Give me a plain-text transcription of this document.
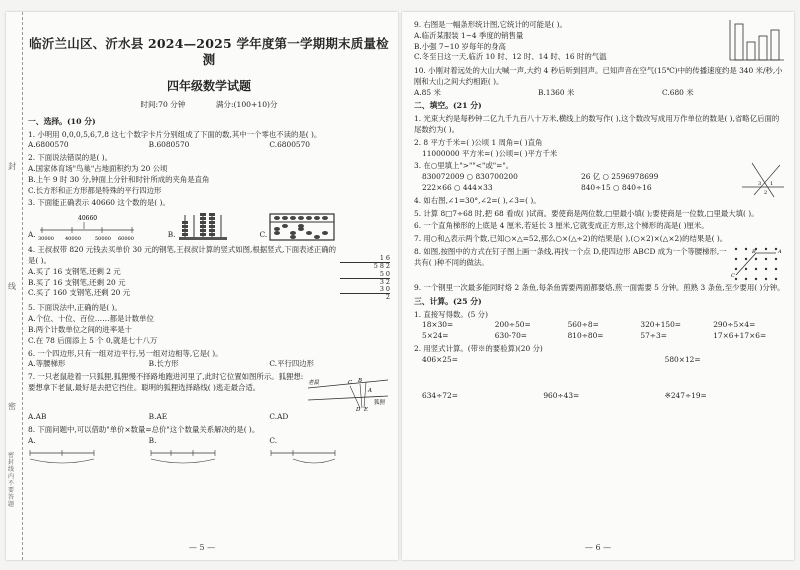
封
线
密
密封线内不要答题
临沂兰山区、沂水县 2024—2025 学年度第一学期期末质量检测
四年级数学试题
时间:70 分钟	满分:(100+10)分
一、选择。(10 分)
1. 小明用 0,0,0,5,6,7,8 这七个数字卡片分别组成了下面的数,其中一个零也不读的是( )。
A.6800570	B.6080570	C.6800570
2. 下面说法错误的是( )。
A.国家体育场"鸟巢"占地面积约为 20 公顷
B.上午 9 时 30 分,钟面上分针和时针所成的夹角是直角
C.长方形和正方形都是特殊的平行四边形
3. 下面能正确表示 40660 这个数的是( )。
A.
40660
30000 40000	50000 60000	B.	C.
4. 王叔叔带 820 元钱去买单价 30 元的钢笔,王叔叔计算的竖式如图,根据竖式,下面表述正确的是( )。
A.买了 16 支钢笔,还剩 2 元
B.买了 16 支钢笔,还剩 20 元
C.买了 160 支钢笔,还剩 20 元
1 6
5 8 2
5 0
3 2
3 0
2
5. 下面说法中,正确的是( )。
A.个位、十位、百位……都是计数单位
B.两个计数单位之间的进率是十
C.在 78 后面添上 5 个 0,就是七十八万
6. 一个四边形,只有一组对边平行,另一组对边相等,它是( )。
A.等腰梯形	B.长方形	C.平行四边形
7. 一只老鼠趁着一只狐狸,狐狸慢不择路地跑进河里了,此时它位置如图所示。狐狸想:要想拿下老鼠,最好是去把它挡住。聪明的狐狸选择路线( )逃走最合适。	老鼠	C B
A
D E
狐狸
A.AB	B.AE	C.AD
8. 下面问题中,可以借助"单价×数量=总价"这个数量关系解决的是( )。
A.	B.	C.
— 5 —
9. 右图是一幅条形统计图,它统计的可能是( )。
A.临沂某服装 1~4 季度的销售量
B.小强 7~10 岁每年的身高
C.冬至日这一天,临沂 10 时、12 时、14 时、16 时的气温
10. 小刚对着远处的大山大喊一声,大约 4 秒后听到回声。已知声音在空气(15℃)中的传播速度约是 340 米/秒,小刚和大山之间大约相距( )。
A.85 米	B.1360 米	C.680 米
二、填空。(21 分)
1. 光束大约是每秒钟二亿九千九百八十万米,横线上的数写作( ),这个数改写成用万作单位的数是( ),省略亿后面的尾数约为( )。
2. 8 平方千米=( )公顷 1 周角=( )直角
11000000 平方米=( )公顷=( )平方千米
3. 在○里填上">""<"或"="。
830072009 ○ 830700200	26 亿 ○ 2596978699
222×66 ○ 444×33	840÷15 ○ 840÷16
4. 如右图,∠1=30°,∠2=( ),∠3=( )。
1
2
3
5. 计算 8□7÷68 时,把 68 看成( )试商。要使商是两位数,□里最小填( );要使商是一位数,□里最大填( )。
6. 一个直角梯形的上底是 4 厘米,若延长 3 厘米,它就变成正方形,这个梯形的高是( )厘米。
7. 用○和△表示两个数,已知○×△=52,那么○×(△÷2)的结果是( ),(○×2)×(△×2)的结果是( )。
8. 如图,按图中的方式在钉子图上画一条线,再找一个点 D,使四边形 ABCD 成为一个等腰梯形,一共有( )种不同的做法。
B	A
C
9. 一个钢里一次最多能同时烙 2 条鱼,每条鱼需要两面都要烙,煎一面需要 5 分钟。煎熟 3 条鱼,至少要用( )分钟。
三、计算。(25 分)
1. 直接写得数。(5 分)
18×30=	200÷50=	560÷8=	320+150=	290÷5×4=
5×24=	630-70=	810÷80=	57÷3=	17×6+17×6=
2. 用竖式计算。(带※的要验算)(20 分)
406×25=	580×12=
634÷72=	960÷43=	※247÷19=
— 6 —
